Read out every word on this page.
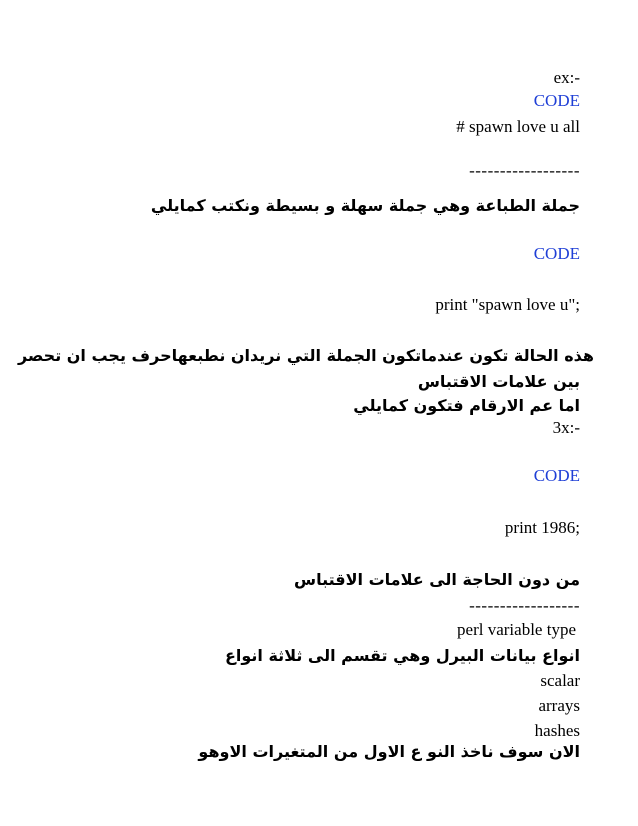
ex:-
CODE
# spawn love u all
------------------
جملة الطباعة وهي جملة سهلة و بسيطة ونكتب كمايلي
CODE
print "spawn love u";
هذه الحالة تكون عندماتكون الجملة التي نريدان نطبعهاحرف يجب ان تحصر
بين علامات الاقتباس
اما عم الارقام فتكون كمايلي
3x:-
CODE
print 1986;
من دون الحاجة الى علامات الاقتباس
------------------
perl variable type
انواع بيانات البيرل وهي تقسم الى ثلاثة انواع
scalar
arrays
hashes
الان سوف ناخذ النو ع الاول من المتغيرات الاوهو
